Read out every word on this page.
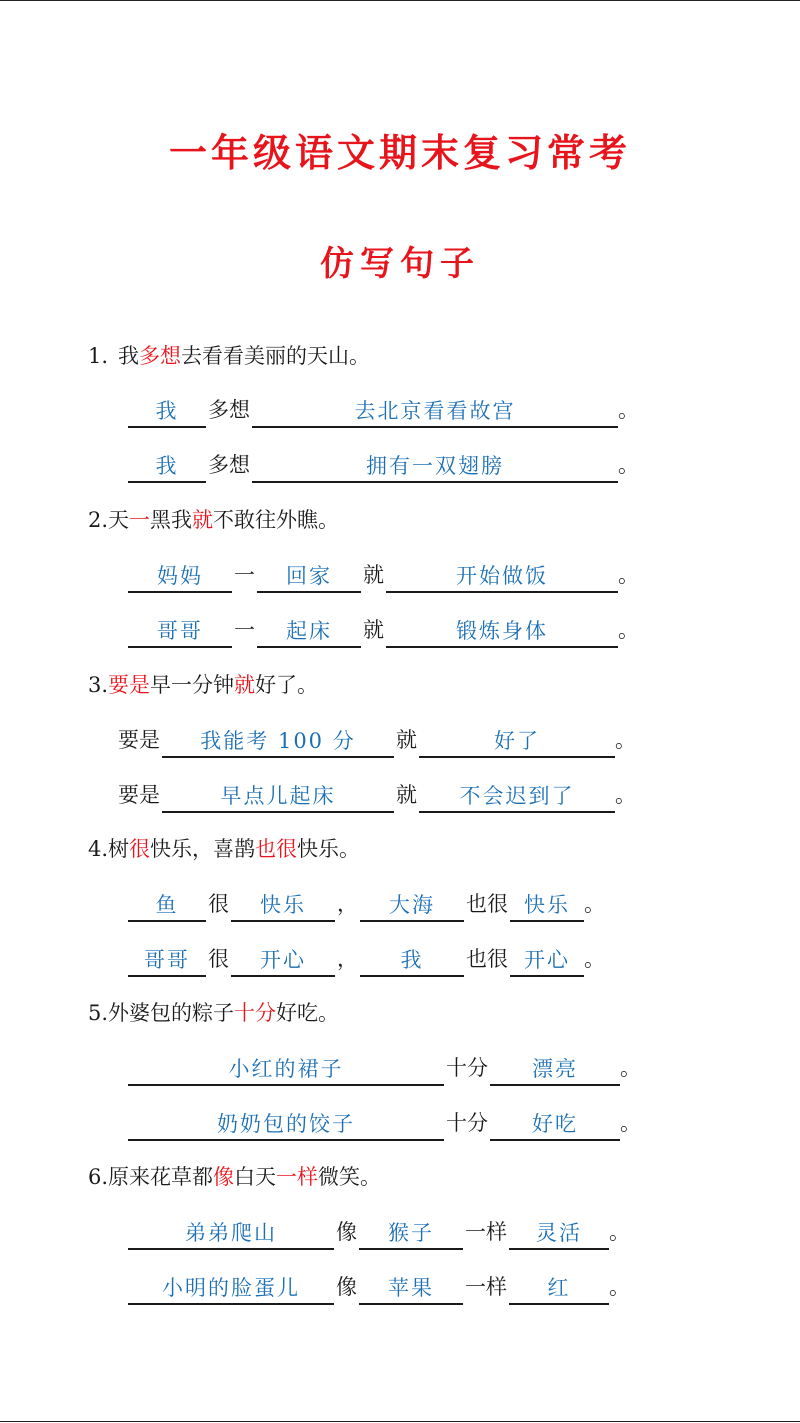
一年级语文期末复习常考
仿写句子
1. 我多想去看看美丽的天山。
我 多想	去北京看看故宫	。
我 多想	拥有一双翅膀	。
2.天一黑我就不敢往外瞧。
妈妈 一 回家 就	开始做饭	。
哥哥 一 起床 就	锻炼身体	。
3.要是早一分钟就好了。
要是 我能考 100 分 就	好了	。
要是	早点儿起床	就 不会迟到了 。
4.树很快乐，喜鹊也很快乐。
鱼 很 快乐 ， 大海 也很 快乐 。
哥哥 很 开心 ， 我 也很 开心 。
5.外婆包的粽子十分好吃。
小红的裙子	十分 漂亮 。
奶奶包的饺子	十分 好吃 。
6.原来花草都像白天一样微笑。
弟弟爬山	像 猴子 一样 灵活 。
小明的脸蛋儿 像 苹果 一样 红 。
